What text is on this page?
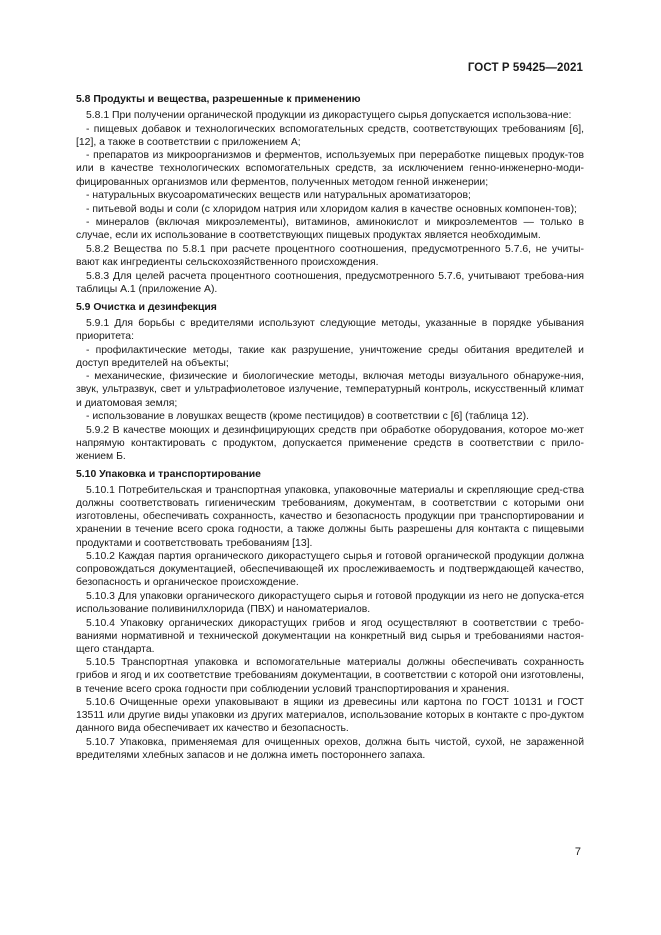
ГОСТ Р 59425—2021
5.8 Продукты и вещества, разрешенные к применению
5.8.1 При получении органической продукции из дикорастущего сырья допускается использова-ние:
- пищевых добавок и технологических вспомогательных средств, соответствующих требованиям [6], [12], а также в соответствии с приложением А;
- препаратов из микроорганизмов и ферментов, используемых при переработке пищевых продук-тов или в качестве технологических вспомогательных средств, за исключением генно-инженерно-моди-фицированных организмов или ферментов, полученных методом генной инженерии;
- натуральных вкусоароматических веществ или натуральных ароматизаторов;
- питьевой воды и соли (с хлоридом натрия или хлоридом калия в качестве основных компонен-тов);
- минералов (включая микроэлементы), витаминов, аминокислот и микроэлементов — только в случае, если их использование в соответствующих пищевых продуктах является необходимым.
5.8.2 Вещества по 5.8.1 при расчете процентного соотношения, предусмотренного 5.7.6, не учиты-вают как ингредиенты сельскохозяйственного происхождения.
5.8.3 Для целей расчета процентного соотношения, предусмотренного 5.7.6, учитывают требова-ния таблицы А.1 (приложение А).
5.9 Очистка и дезинфекция
5.9.1 Для борьбы с вредителями используют следующие методы, указанные в порядке убывания приоритета:
- профилактические методы, такие как разрушение, уничтожение среды обитания вредителей и доступ вредителей на объекты;
- механические, физические и биологические методы, включая методы визуального обнаруже-ния, звук, ультразвук, свет и ультрафиолетовое излучение, температурный контроль, искусственный климат и диатомовая земля;
- использование в ловушках веществ (кроме пестицидов) в соответствии с [6] (таблица 12).
5.9.2 В качестве моющих и дезинфицирующих средств при обработке оборудования, которое мо-жет напрямую контактировать с продуктом, допускается применение средств в соответствии с прило-жением Б.
5.10 Упаковка и транспортирование
5.10.1 Потребительская и транспортная упаковка, упаковочные материалы и скрепляющие сред-ства должны соответствовать гигиеническим требованиям, документам, в соответствии с которыми они изготовлены, обеспечивать сохранность, качество и безопасность продукции при транспортировании и хранении в течение всего срока годности, а также должны быть разрешены для контакта с пищевыми продуктами и соответствовать требованиям [13].
5.10.2 Каждая партия органического дикорастущего сырья и готовой органической продукции должна сопровождаться документацией, обеспечивающей их прослеживаемость и подтверждающей качество, безопасность и органическое происхождение.
5.10.3 Для упаковки органического дикорастущего сырья и готовой продукции из него не допуска-ется использование поливинилхлорида (ПВХ) и наноматериалов.
5.10.4 Упаковку органических дикорастущих грибов и ягод осуществляют в соответствии с требо-ваниями нормативной и технической документации на конкретный вид сырья и требованиями настоя-щего стандарта.
5.10.5 Транспортная упаковка и вспомогательные материалы должны обеспечивать сохранность грибов и ягод и их соответствие требованиям документации, в соответствии с которой они изготовлены, в течение всего срока годности при соблюдении условий транспортирования и хранения.
5.10.6 Очищенные орехи упаковывают в ящики из древесины или картона по ГОСТ 10131 и ГОСТ 13511 или другие виды упаковки из других материалов, использование которых в контакте с про-дуктом данного вида обеспечивает их качество и безопасность.
5.10.7 Упаковка, применяемая для очищенных орехов, должна быть чистой, сухой, не зараженной вредителями хлебных запасов и не должна иметь постороннего запаха.
7
